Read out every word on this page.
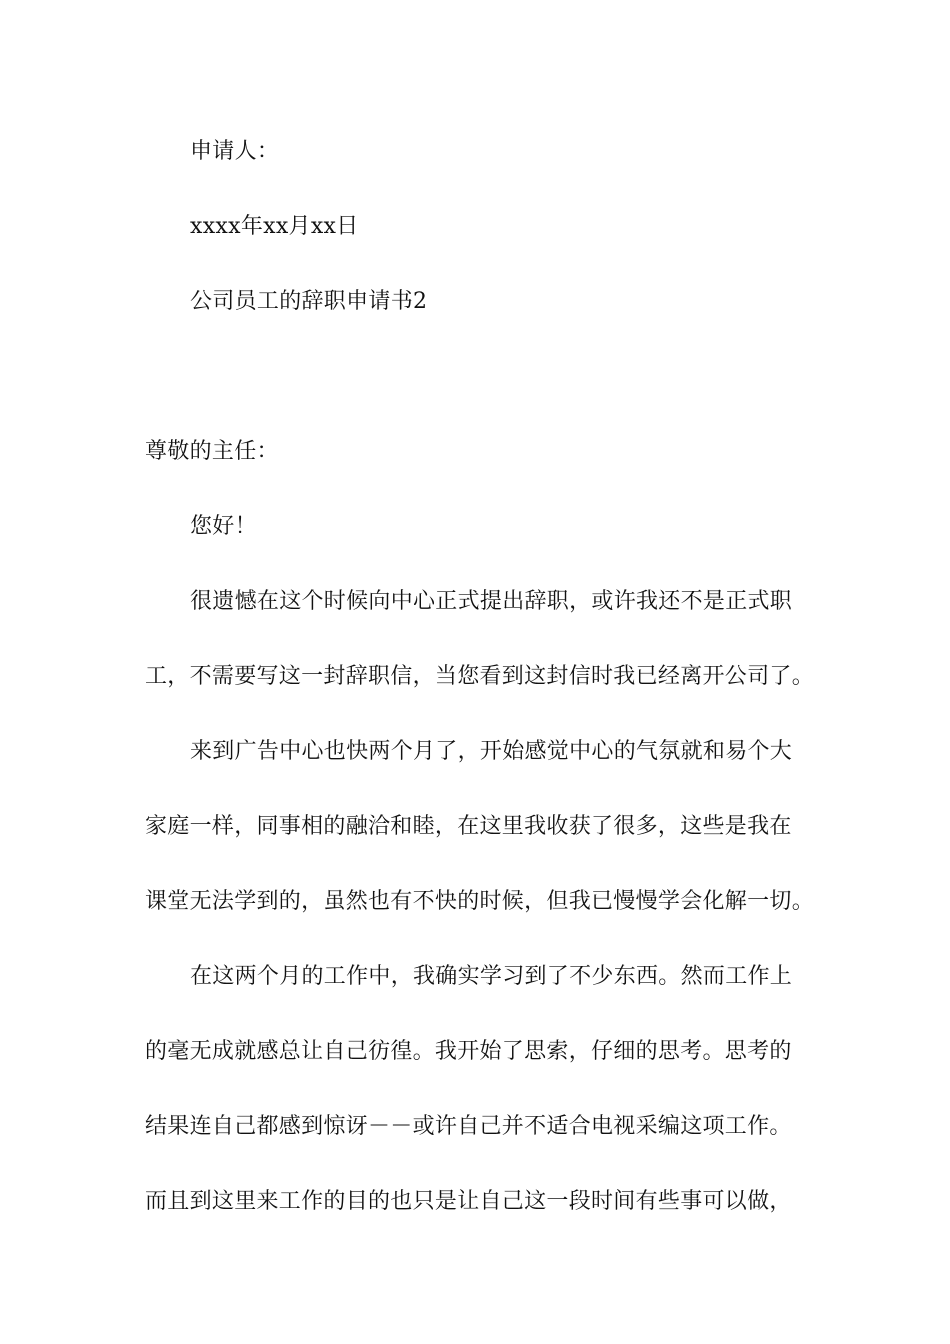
申请人：
xxxx年xx月xx日
公司员工的辞职申请书2
尊敬的主任：
您好！
很遗憾在这个时候向中心正式提出辞职，或许我还不是正式职
工，不需要写这一封辞职信，当您看到这封信时我已经离开公司了。
来到广告中心也快两个月了，开始感觉中心的气氛就和易个大
家庭一样，同事相的融洽和睦，在这里我收获了很多，这些是我在
课堂无法学到的，虽然也有不快的时候，但我已慢慢学会化解一切。
在这两个月的工作中，我确实学习到了不少东西。然而工作上
的毫无成就感总让自己彷徨。我开始了思索，仔细的思考。思考的
结果连自己都感到惊讶－－或许自己并不适合电视采编这项工作。
而且到这里来工作的目的也只是让自己这一段时间有些事可以做，
